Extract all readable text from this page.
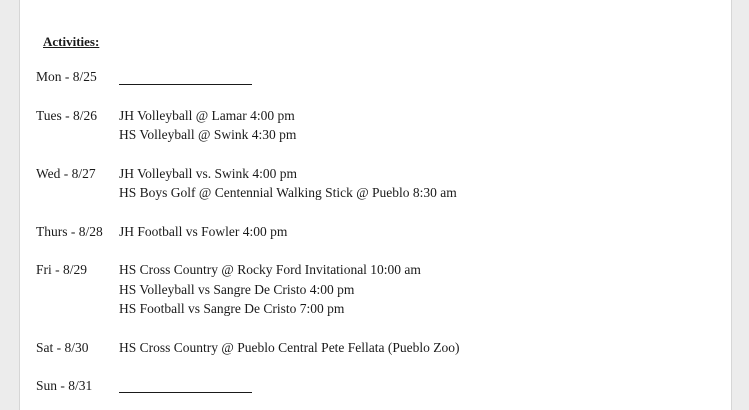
Activities:
Mon - 8/25
Tues - 8/26 JH Volleyball @ Lamar 4:00 pm
HS Volleyball @ Swink 4:30 pm
Wed - 8/27 JH Volleyball vs. Swink 4:00 pm
HS Boys Golf @ Centennial Walking Stick @ Pueblo 8:30 am
Thurs - 8/28 JH Football vs Fowler 4:00 pm
Fri - 8/29 HS Cross Country @ Rocky Ford Invitational 10:00 am
HS Volleyball vs Sangre De Cristo 4:00 pm
HS Football vs Sangre De Cristo 7:00 pm
Sat - 8/30 HS Cross Country @ Pueblo Central Pete Fellata (Pueblo Zoo)
Sun - 8/31
